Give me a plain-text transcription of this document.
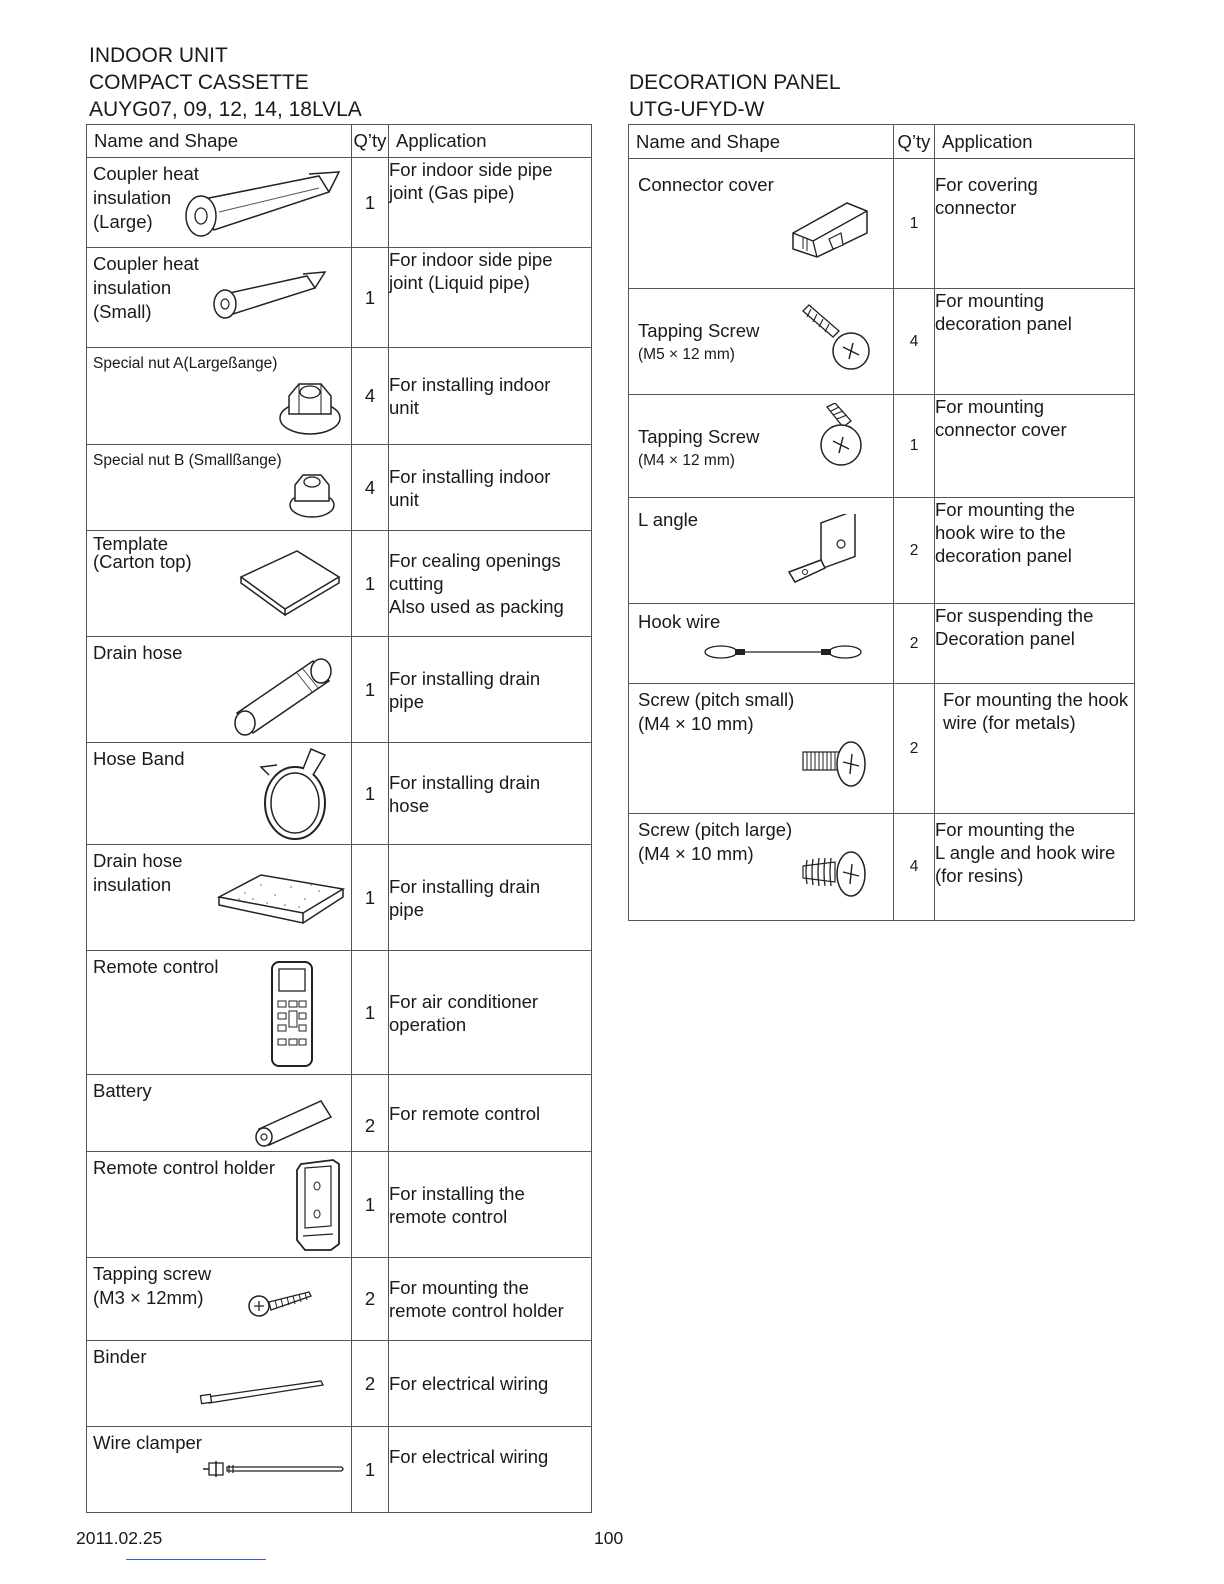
INDOOR UNIT
COMPACT CASSETTE
AUYG07, 09, 12, 14, 18LVLA
DECORATION PANEL
UTG-UFYD-W
Name and Shape	Q’ty	Application

Coupler heat
insulation
(Large)	1	For indoor side pipe
joint (Gas pipe)

Coupler heat
insulation
(Small)	1	For indoor side pipe
joint (Liquid pipe)

Special nut A(Largeßange)	4	For installing indoor
unit

Special nut B (Smallßange)	4	For installing indoor
unit

Template
(Carton top)	1	For cealing openings
cutting
Also used as packing

Drain hose	1	For installing drain
pipe

Hose Band	1	For installing drain
hose

Drain hose
insulation	1	For installing drain
pipe

Remote control	1	For air conditioner
operation

Battery	2	For remote control

Remote control holder	1	For installing the
remote control

Tapping screw
(M3 × 12mm)	2	For mounting the
remote control holder

Binder	2	For electrical wiring

Wire clamper	1	For electrical wiring
Name and Shape	Q’ty	Application

Connector cover	1	For covering
connector

Tapping Screw

(M5 × 12 mm)	4	For mounting
decoration panel

Tapping Screw

(M4 × 12 mm)	1	For mounting
connector cover

L angle	2	For mounting the
hook wire to the
decoration panel

Hook wire	2	For suspending the
Decoration panel

Screw (pitch small)
(M4 × 10 mm)	2	For mounting the hook
wire (for metals)

Screw (pitch large)
(M4 × 10 mm)	4	For mounting the
L angle and hook wire
(for resins)
2011.02.25	100
